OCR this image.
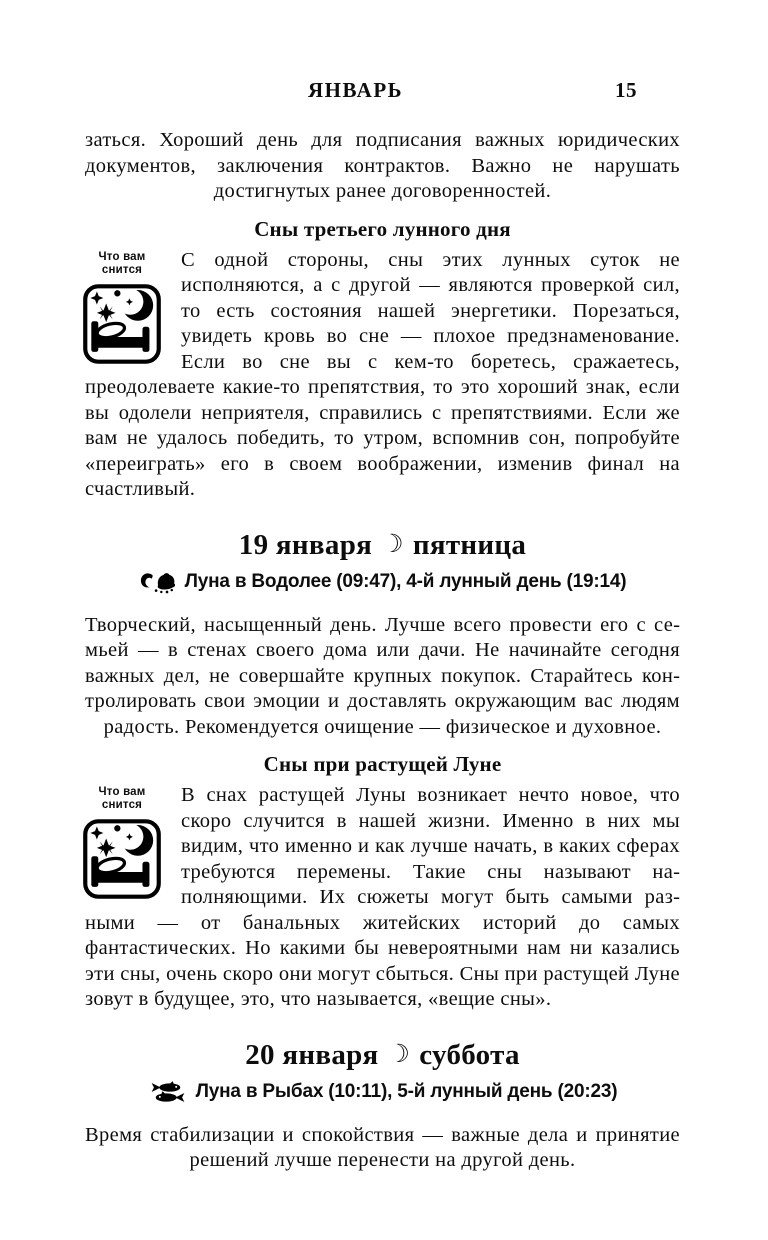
ЯНВАРЬ	15

заться. Хороший день для подписания важных юридических документов, заключения контрактов. Важно не нарушать достигнутых ранее договоренностей.

Сны третьего лунного дня
Что вам
снится	С одной стороны, сны этих лунных суток не исполняются, а с другой — являются проверкой сил, то есть состояния нашей энергетики. Порезаться, увидеть кровь во сне — плохое предзнаменование. Если во сне вы с кем-то боретесь, сражаетесь, преодолеваете какие-то препятствия, то это хороший знак, если вы одолели неприятеля, справились с препятствиями. Если же вам не удалось победить, то утром, вспомнив сон, попробуйте «переиграть» его в своем воображении, изменив финал на счастливый.

19 января ☽ пятница
Луна в Водолее (09:47), 4-й лунный день (19:14)

Творческий, насыщенный день. Лучше всего провести его с семьей — в стенах своего дома или дачи. Не начинайте сегодня важных дел, не совершайте крупных покупок. Старайтесь контролировать свои эмоции и доставлять окружающим вас людям радость. Рекомендуется очищение — физическое и духовное.

Сны при растущей Луне
Что вам
снится	В снах растущей Луны возникает нечто новое, что скоро случится в нашей жизни. Именно в них мы видим, что именно и как лучше начать, в каких сферах требуются перемены. Такие сны называют наполняющими. Их сюжеты могут быть самыми разными — от банальных житейских историй до самых фантастических. Но какими бы невероятными нам ни казались эти сны, очень скоро они могут сбыться. Сны при растущей Луне зовут в будущее, это, что называется, «вещие сны».

20 января ☽ суббота
Луна в Рыбах (10:11), 5-й лунный день (20:23)

Время стабилизации и спокойствия — важные дела и принятие решений лучше перенести на другой день.
